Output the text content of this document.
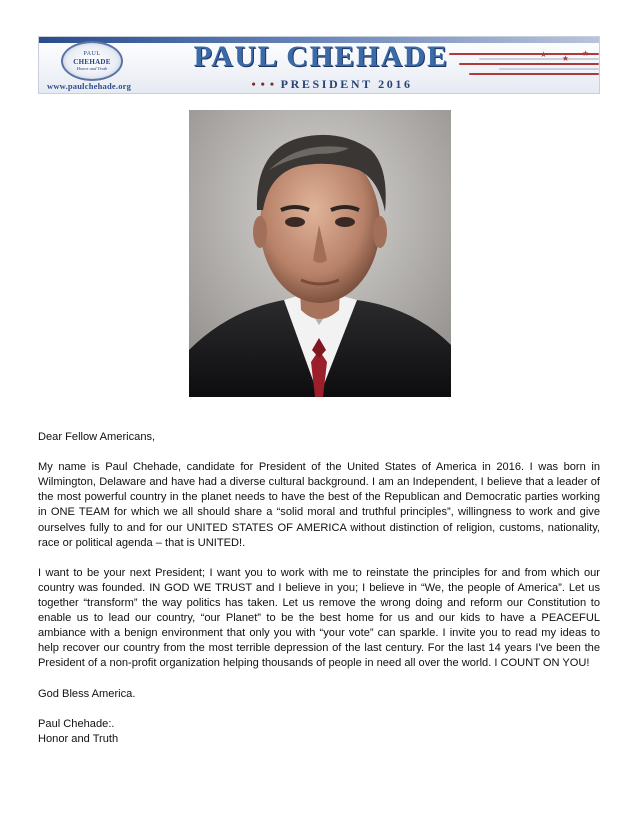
PAUL
CHEHADE
Honor and Truth
www.paulchehade.org
PAUL CHEHADE
• • • PRESIDENT 2016
★
★
★

Dear Fellow Americans,

My name is Paul Chehade, candidate for President of the United States of America in 2016. I was born in Wilmington, Delaware and have had a diverse cultural background. I am an Independent, I believe that a leader of the most powerful country in the planet needs to have the best of the Republican and Democratic parties working in ONE TEAM for which we all should share a “solid moral and truthful principles”, willingness to work and give ourselves fully to and for our UNITED STATES OF AMERICA without distinction of religion, customs, nationality, race or political agenda – that is UNITED!.

I want to be your next President; I want you to work with me to reinstate the principles for and from which our country was founded. IN GOD WE TRUST and I believe in you; I believe in “We, the people of America”. Let us together “transform” the way politics has taken. Let us remove the wrong doing and reform our Constitution to enable us to lead our country, “our Planet” to be the best home for us and our kids to have a PEACEFUL ambiance with a benign environment that only you with “your vote” can sparkle. I invite you to read my ideas to help recover our country from the most terrible depression of the last century. For the last 14 years I've been the President of a non-profit organization helping thousands of people in need all over the world. I COUNT ON YOU!

God Bless America.

Paul Chehade:.

Honor and Truth
